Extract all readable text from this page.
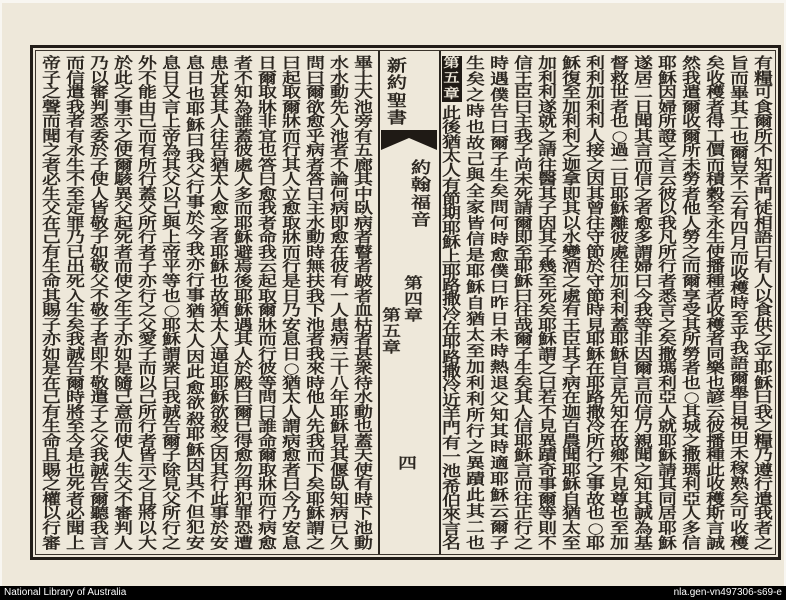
有
糧
可
食
爾
所
不
知
者
門
徒
相
語
曰
有
人
以
食
供
之
乎
耶
穌
曰
我
之
糧
乃
遵
行
遣
我
者
之
旨
而
畢
其
工
也
爾
豈
不
云
有
四
月
而
收
穫
時
至
乎
我
語
爾
舉
目
視
田
禾
稼
熟
矣
可
收
穫
矣
收
穫
者
得
工
價
而
積
穀
至
永
生
使
播
種
者
收
穫
者
同
樂
也
諺
云
彼
播
種
此
收
穫
斯
言
誠
然
我
遣
爾
收
爾
所
未
勞
者
他
人
勞
之
而
爾
享
受
其
所
勞
者
也
○
其
城
之
撒
瑪
利
亞
人
多
信
耶
穌
因
婦
所
證
之
言
云
彼
以
我
凡
所
行
者
悉
言
之
矣
撒
瑪
利
亞
人
就
耶
穌
請
其
同
居
耶
穌
遂
居
二
日
聞
其
言
而
信
之
者
愈
多
謂
婦
曰
今
我
等
非
因
爾
言
而
信
乃
親
聞
之
知
其
誠
為
基
督
救
世
者
也
○
過
二
日
耶
穌
離
彼
處
往
加
利
利
蓋
耶
穌
自
言
先
知
在
故
鄉
不
見
尊
也
至
加
利
利
加
利
利
人
接
之
因
其
曾
往
守
節
於
守
節
時
見
耶
穌
在
耶
路
撒
冷
所
行
之
事
故
也
○
耶
穌
復
至
加
利
利
之
迦
拿
即
其
以
水
變
酒
之
處
有
王
臣
其
子
病
在
迦
百
農
聞
耶
穌
自
猶
太
至
加
利
利
遂
就
之
請
往
醫
其
子
因
其
子
幾
至
死
矣
耶
穌
謂
之
曰
若
不
見
異
蹟
奇
事
爾
等
則
不
信
王
臣
曰
主
我
子
尚
未
死
請
爾
即
至
耶
穌
曰
往
哉
爾
子
生
矣
其
人
信
耶
穌
言
而
往
正
行
之
時
遇
僕
告
曰
爾
子
生
矣
問
何
時
愈
僕
曰
昨
日
未
時
熱
退
父
知
其
時
適
耶
穌
云
爾
子
生
矣
之
時
也
故
己
與
全
家
皆
信
是
耶
穌
自
猶
太
至
加
利
利
所
行
之
異
蹟
此
其
二
也
此
後
猶
太
人
有
節
期
耶
穌
上
耶
路
撒
冷
在
耶
路
撒
冷
近
羊
門
有
一
池
希
伯
來
言
名
畢
士
大
池
旁
有
五
廊
其
中
臥
病
者
瞽
者
跛
者
血
枯
者
甚
衆
待
水
動
也
蓋
天
使
有
時
下
池
動
水
水
動
先
入
池
者
不
論
何
病
即
愈
在
彼
有
一
人
患
病
三
十
八
年
耶
穌
見
其
偃
臥
知
病
已
久
問
曰
爾
欲
愈
乎
病
者
答
曰
主
水
動
時
無
扶
我
下
池
者
我
來
時
他
人
先
我
而
下
矣
耶
穌
謂
之
曰
起
取
爾
牀
而
行
其
人
立
愈
取
牀
而
行
是
日
乃
安
息
日
○
猶
太
人
謂
病
愈
者
曰
今
乃
安
息
日
爾
取
牀
非
宜
也
答
曰
愈
我
者
命
我
云
起
取
爾
牀
而
行
彼
等
問
曰
誰
命
爾
取
牀
而
行
病
愈
者
不
知
為
誰
蓋
彼
處
人
多
而
耶
穌
避
焉
後
耶
穌
遇
其
人
於
殿
曰
爾
已
得
愈
勿
再
犯
罪
恐
遭
患
尤
甚
其
人
往
告
猶
太
人
愈
之
者
耶
穌
也
故
猶
太
人
逼
迫
耶
穌
欲
殺
之
因
其
行
此
事
於
安
息
日
也
耶
穌
曰
我
父
行
事
於
今
我
亦
行
事
猶
太
人
因
此
愈
欲
殺
耶
穌
因
其
不
但
犯
安
息
日
又
言
上
帝
為
其
父
以
己
與
上
帝
平
等
也
○
耶
穌
謂
衆
曰
我
誠
告
爾
子
除
見
父
所
行
之
外
不
能
由
己
而
有
所
行
蓋
父
所
行
者
子
亦
行
之
父
愛
子
而
以
己
所
行
者
皆
示
之
且
將
以
大
於
此
之
事
示
之
使
爾
駭
異
父
起
死
者
而
使
之
生
子
亦
如
是
隨
己
意
而
使
人
生
父
不
審
判
人
乃
以
審
判
悉
委
於
子
使
人
皆
敬
子
如
敬
父
不
敬
子
者
即
不
敬
遣
子
之
父
我
誠
告
爾
聽
我
言
而
信
遣
我
者
有
永
生
不
至
定
罪
乃
已
出
死
入
生
矣
我
誠
告
爾
時
將
至
今
是
也
死
者
必
聞
上
帝
子
之
聲
而
聞
之
者
必
生
父
在
己
有
生
命
其
賜
子
亦
如
是
在
己
有
生
命
且
賜
之
權
以
行
審
第
五
章
新
約
聖
書
約
翰
福
音
第
四
章
第
五
章
四
National Library of Australia	nla.gen-vn497306-s69-e
